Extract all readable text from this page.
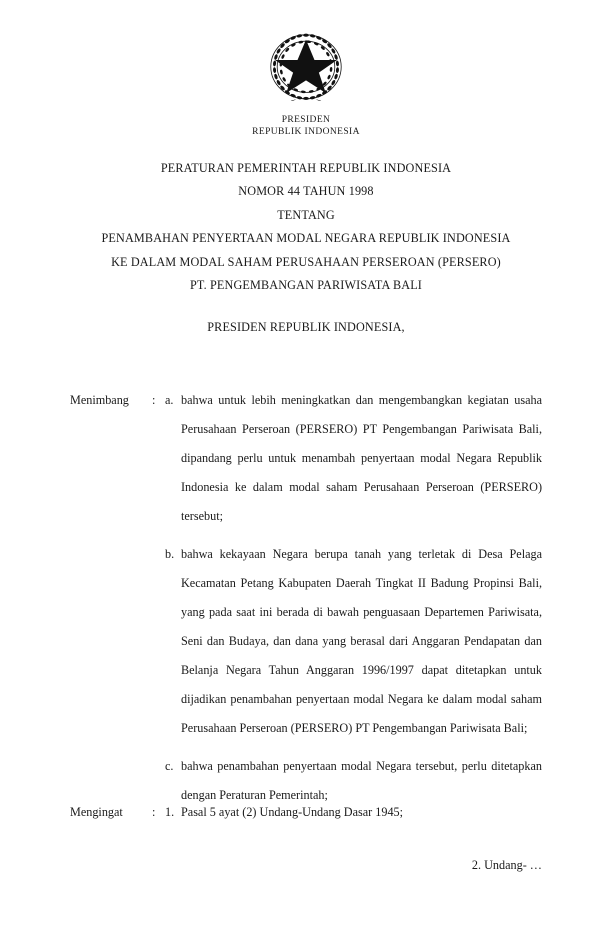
PRESIDEN
REPUBLIK INDONESIA
PERATURAN PEMERINTAH REPUBLIK INDONESIA
NOMOR 44 TAHUN 1998
TENTANG
PENAMBAHAN PENYERTAAN MODAL NEGARA REPUBLIK INDONESIA
KE DALAM MODAL SAHAM PERUSAHAAN PERSEROAN (PERSERO)
PT. PENGEMBANGAN PARIWISATA BALI
PRESIDEN REPUBLIK INDONESIA,
Menimbang	: a. bahwa untuk lebih meningkatkan dan mengembangkan kegiatan usaha Perusahaan Perseroan (PERSERO) PT Pengembangan Pariwisata Bali, dipandang perlu untuk menambah penyertaan modal Negara Republik Indonesia ke dalam modal saham Perusahaan Perseroan (PERSERO) tersebut;
b. bahwa kekayaan Negara berupa tanah yang terletak di Desa Pelaga Kecamatan Petang Kabupaten Daerah Tingkat II Badung Propinsi Bali, yang pada saat ini berada di bawah penguasaan Departemen Pariwisata, Seni dan Budaya, dan dana yang berasal dari Anggaran Pendapatan dan Belanja Negara Tahun Anggaran 1996/1997 dapat ditetapkan untuk dijadikan penambahan penyertaan modal Negara ke dalam modal saham Perusahaan Perseroan (PERSERO) PT Pengembangan Pariwisata Bali;
c. bahwa penambahan penyertaan modal Negara tersebut, perlu ditetapkan dengan Peraturan Pemerintah;
Mengingat	: 1. Pasal 5 ayat (2) Undang-Undang Dasar 1945;
2. Undang- …
